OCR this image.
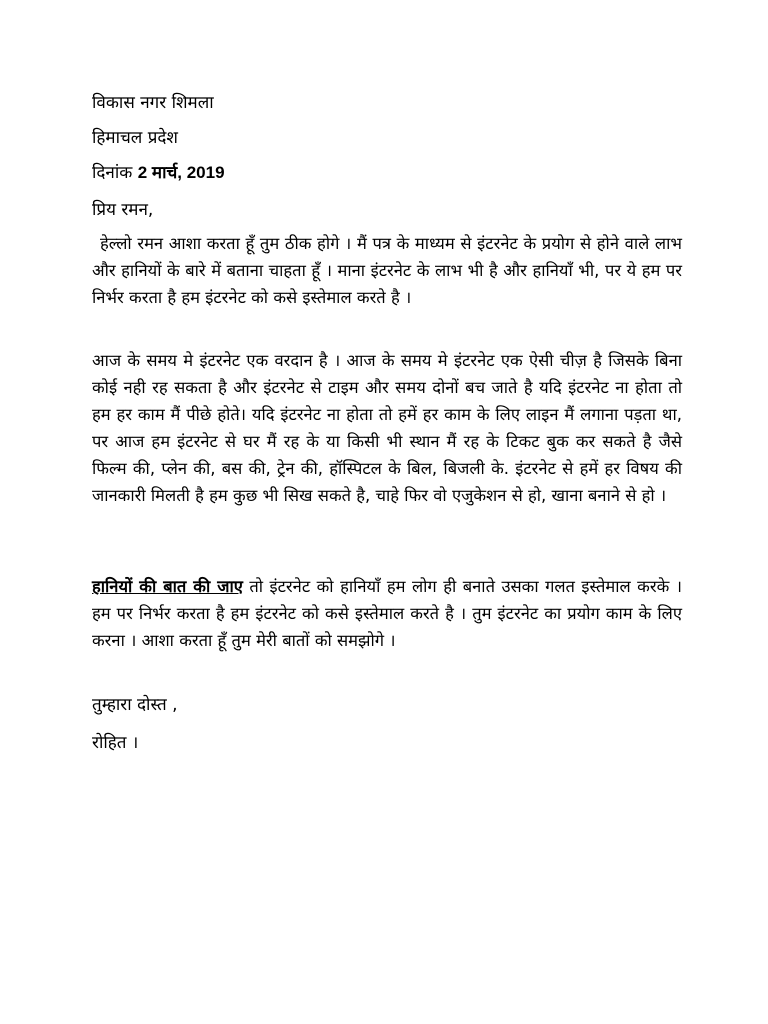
विकास नगर शिमला
हिमाचल प्रदेश
दिनांक 2 मार्च, 2019
प्रिय रमन,
हेल्लो रमन आशा करता हूँ तुम ठीक होगे । मैं पत्र के माध्यम से इंटरनेट के प्रयोग से होने वाले लाभ और हानियों के बारे में बताना चाहता हूँ । माना इंटरनेट के लाभ भी है और हानियाँ भी, पर ये हम पर निर्भर करता है हम इंटरनेट को कसे इस्तेमाल करते है ।
आज के समय मे इंटरनेट एक वरदान है । आज के समय मे इंटरनेट एक ऐसी चीज़ है जिसके बिना कोई नही रह सकता है और इंटरनेट से टाइम और समय दोनों बच जाते है यदि इंटरनेट ना होता तो हम हर काम मैं पीछे होते। यदि इंटरनेट ना होता तो हमें हर काम के लिए लाइन मैं लगाना पड़ता था, पर आज हम इंटरनेट से घर मैं रह के या किसी भी स्थान मैं रह के टिकट बुक कर सकते है जैसे फिल्म की, प्लेन की, बस की, ट्रेन की, हॉस्पिटल के बिल, बिजली के. इंटरनेट से हमें हर विषय की जानकारी मिलती है हम कुछ भी सिख सकते है, चाहे फिर वो एजुकेशन से हो, खाना बनाने से हो ।
हानियों की बात की जाए तो इंटरनेट को हानियाँ हम लोग ही बनाते उसका गलत इस्तेमाल करके । हम पर निर्भर करता है हम इंटरनेट को कसे इस्तेमाल करते है । तुम इंटरनेट का प्रयोग काम के लिए करना । आशा करता हूँ तुम मेरी बातों को समझोगे ।
तुम्हारा दोस्त ,
रोहित ।
